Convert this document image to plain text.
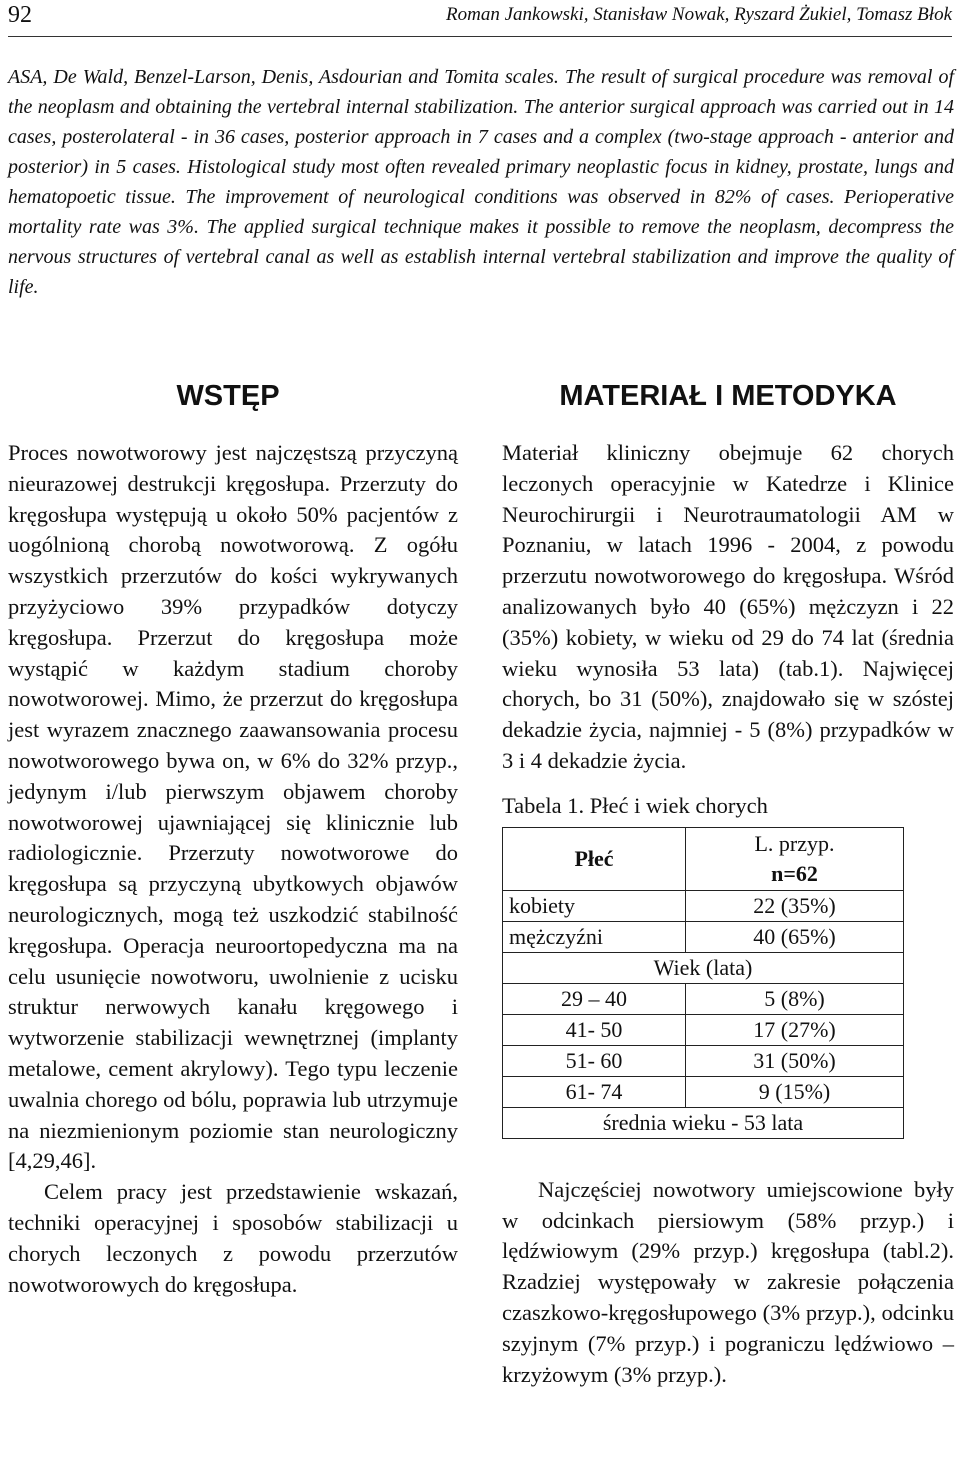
92	Roman Jankowski, Stanisław Nowak, Ryszard Żukiel, Tomasz Błok

ASA, De Wald, Benzel-Larson, Denis, Asdourian and Tomita scales. The result of surgical procedure was removal of the neoplasm and obtaining the vertebral internal stabilization. The anterior surgical approach was carried out in 14 cases, posterolateral - in 36 cases, posterior approach in 7 cases and a complex (two-stage approach - anterior and posterior) in 5 cases. Histological study most often revealed primary neoplastic focus in kidney, prostate, lungs and hematopoetic tissue. The improvement of neurological conditions was observed in 82% of cases. Perioperative mortality rate was 3%. The applied surgical technique makes it possible to remove the neoplasm, decompress the nervous structures of vertebral canal as well as establish internal vertebral stabilization and improve the quality of life.

WSTĘP

Proces nowotworowy jest najczęstszą przyczyną nieurazowej destrukcji kręgosłupa. Przerzuty do kręgosłupa występują u około 50% pacjentów z uogólnioną chorobą nowotworową. Z ogółu wszystkich przerzutów do kości wykrywanych przyżyciowo 39% przypadków dotyczy kręgosłupa. Przerzut do kręgosłupa może wystąpić w każdym stadium choroby nowotworowej. Mimo, że przerzut do kręgosłupa jest wyrazem znacznego zaawansowania procesu nowotworowego bywa on, w 6% do 32% przyp., jedynym i/lub pierwszym objawem choroby nowotworowej ujawniającej się klinicznie lub radiologicznie. Przerzuty nowotworowe do kręgosłupa są przyczyną ubytkowych objawów neurologicznych, mogą też uszkodzić stabilność kręgosłupa. Operacja neuroortopedyczna ma na celu usunięcie nowotworu, uwolnienie z ucisku struktur nerwowych kanału kręgowego i wytworzenie stabilizacji wewnętrznej (implanty metalowe, cement akrylowy). Tego typu leczenie uwalnia chorego od bólu, poprawia lub utrzymuje na niezmienionym poziomie stan neurologiczny [4,29,46].

Celem pracy jest przedstawienie wskazań, techniki operacyjnej i sposobów stabilizacji u chorych leczonych z powodu przerzutów nowotworowych do kręgosłupa.

MATERIAŁ I METODYKA

Materiał kliniczny obejmuje 62 chorych leczonych operacyjnie w Katedrze i Klinice Neurochirurgii i Neurotraumatologii AM w Poznaniu, w latach 1996 - 2004, z powodu przerzutu nowotworowego do kręgosłupa. Wśród analizowanych było 40 (65%) mężczyzn i 22 (35%) kobiety, w wieku od 29 do 74 lat (średnia wieku wynosiła 53 lata) (tab.1). Najwięcej chorych, bo 31 (50%), znajdowało się w szóstej dekadzie życia, najmniej - 5 (8%) przypadków w 3 i 4 dekadzie życia.

Tabela 1. Płeć i wiek chorych
Płeć	L. przyp.
n=62

kobiety	22 (35%)
mężczyźni	40 (65%)
Wiek (lata)	
29 – 40	5 (8%)
41- 50	17 (27%)
51- 60	31 (50%)
61- 74	9 (15%)
średnia wieku - 53 lata	

Najczęściej nowotwory umiejscowione były w odcinkach piersiowym (58% przyp.) i lędźwiowym (29% przyp.) kręgosłupa (tabl.2). Rzadziej występowały w zakresie połączenia czaszkowo-kręgosłupowego (3% przyp.), odcinku szyjnym (7% przyp.) i pograniczu lędźwiowo – krzyżowym (3% przyp.).
